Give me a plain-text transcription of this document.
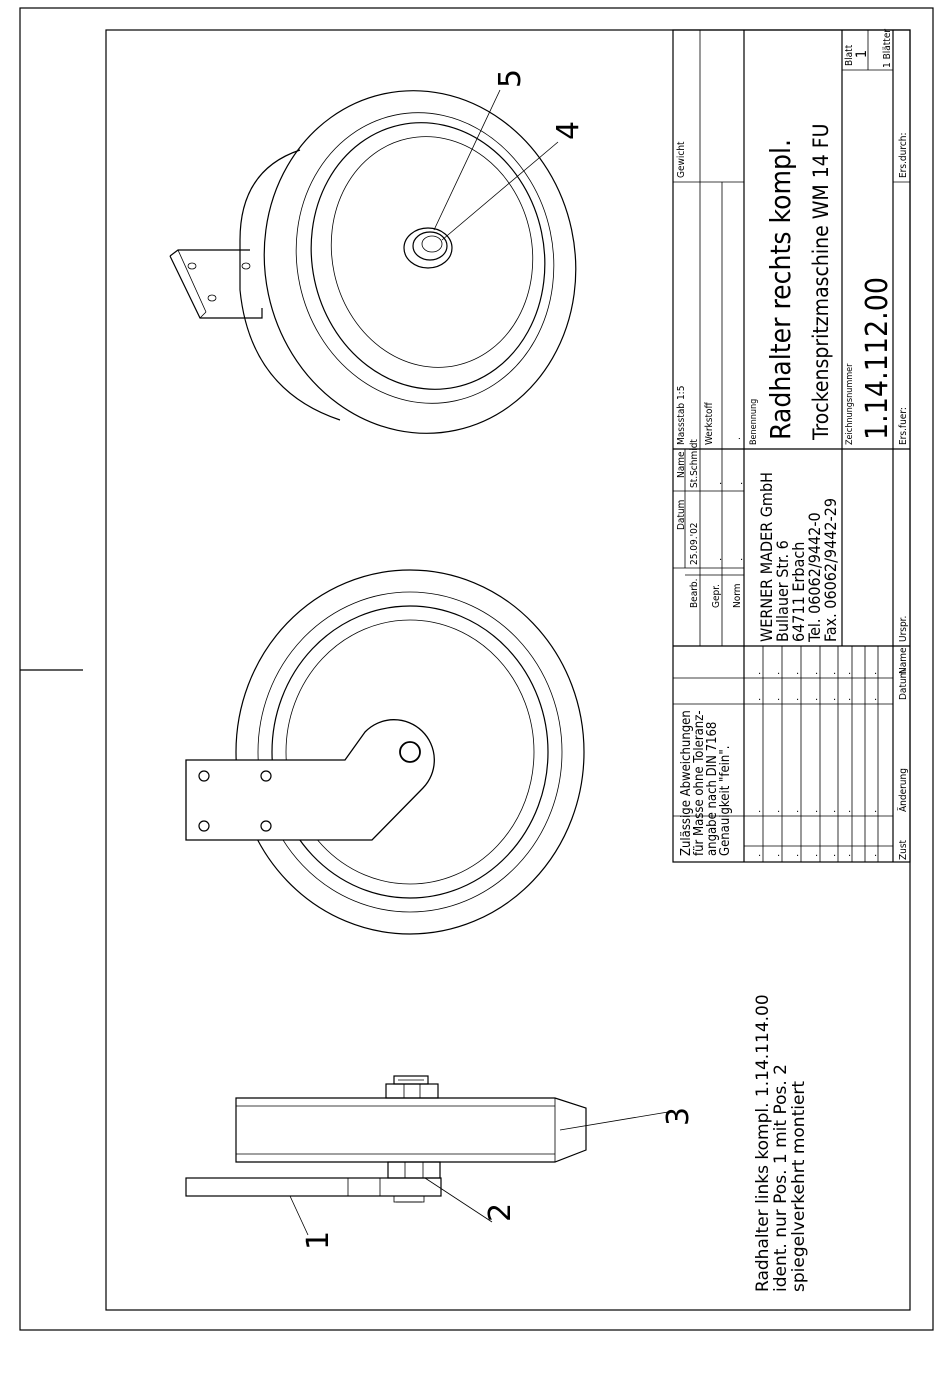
1
2
3
4
5
Radhalter links kompl. 1.14.114.00
ident. nur Pos. 1 mit Pos. 2
spiegelverkehrt montiert
Zulässige Abweichungen
für Masse ohne Toleranz-
angabe nach DIN 7168
Genauigkeit "fein".	Zust
Änderung
Datum
Name
. . . . . . .
. . . . . . .
. . . . . . .
. . . . . . .
Datum
Name
Bearb.
25.09.'02
St.Schmidt
Gepr.
.
.
Norm
.
.
Urspr.
WERNER MADER GmbH
Bullauer Str. 6
64711 Erbach
Tel. 06062/9442-0
Fax. 06062/9442-29
Massstab 1:5
Gewicht
Werkstoff . Benennung Radhalter rechts kompl. Trockenspritzmaschine WM 14 FU Zeichnungsnummer 1.14.112.00
Blatt 1 1 Blätter
Ers.fuer:
Ers.durch:
